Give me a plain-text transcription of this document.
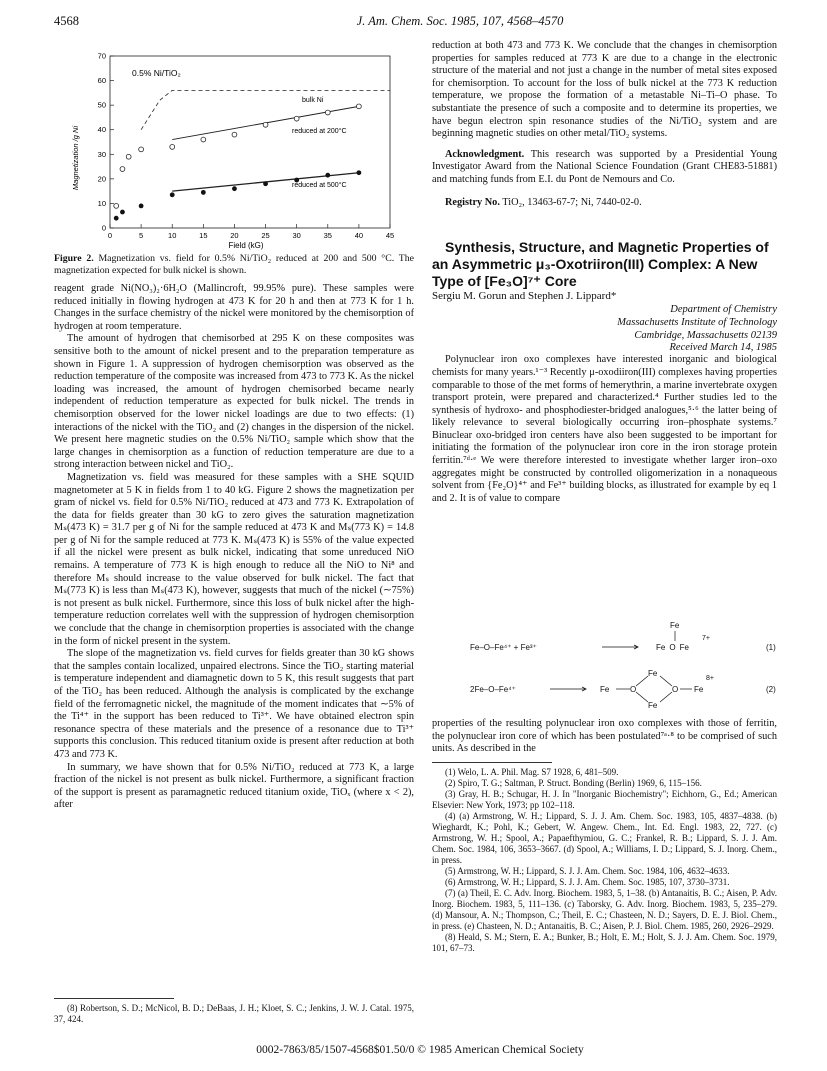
4568	J. Am. Chem. Soc. 1985, 107, 4568–4570
0	5	10	15	20	25	30	35	40	45
0
10
20
30
40
50
60
70
0.5% Ni/TiO₂
bulk Ni
reduced at 200°C
reduced at 500°C
Magnetization /g Ni
Field (kG)

Figure 2. Magnetization vs. field for 0.5% Ni/TiO₂ reduced at 200 and 500 °C. The magnetization expected for bulk nickel is shown.

reagent grade Ni(NO₃)₂·6H₂O (Mallincroft, 99.95% pure). These samples were reduced initially in flowing hydrogen at 473 K for 20 h and then at 773 K for 1 h. Changes in the surface chemistry of the nickel were monitored by the chemisorption of hydrogen at room temperature.

The amount of hydrogen that chemisorbed at 295 K on these composites was sensitive both to the amount of nickel present and to the preparation temperature as shown in Figure 1. A suppression of hydrogen chemisorption was observed as the reduction temperature of the composite was increased from 473 to 773 K. As the nickel loading was increased, the amount of hydrogen chemisorbed became nearly independent of reduction temperature as expected for bulk nickel. The trends in chemisorption observed for the lower nickel loadings are due to two effects: (1) interactions of the nickel with the TiO₂ and (2) changes in the dispersion of the nickel. We present here magnetic studies on the 0.5% Ni/TiO₂ sample which show that the large changes in chemisorption as a function of reduction temperature are due to a strong interaction between nickel and TiO₂.

Magnetization vs. field was measured for these samples with a SHE SQUID magnetometer at 5 K in fields from 1 to 40 kG. Figure 2 shows the magnetization per gram of nickel vs. field for 0.5% Ni/TiO₂ reduced at 473 and 773 K. Extrapolation of the data for fields greater than 30 kG to zero gives the saturation magnetization Mₛ(473 K) = 31.7 per g of Ni for the sample reduced at 473 K and Mₛ(773 K) = 14.8 per g of Ni for the sample reduced at 773 K. Mₛ(473 K) is 55% of the value expected if all the nickel were present as bulk nickel, indicating that some unreduced NiO remains. A temperature of 773 K is high enough to reduce all the NiO to Ni⁸ and therefore Mₛ should increase to the value observed for bulk nickel. The fact that Mₛ(773 K) is less than Mₛ(473 K), however, suggests that much of the nickel (∼75%) is not present as bulk nickel. Furthermore, since this loss of bulk nickel after the high-temperature reduction correlates well with the suppression of hydrogen chemisorption we conclude that the change in chemisorption properties is associated with the change in the form of nickel present in the system.

The slope of the magnetization vs. field curves for fields greater than 30 kG shows that the samples contain localized, unpaired electrons. Since the TiO₂ starting material is temperature independent and diamagnetic down to 5 K, this result suggests that part of the TiO₂ has been reduced. Although the analysis is complicated by the exchange field of the ferromagnetic nickel, the magnitude of the moment indicates that ∼5% of the Ti⁴⁺ in the support has been reduced to Ti³⁺. We have obtained electron spin resonance spectra of these materials and the presence of a resonance due to Ti³⁺ supports this conclusion. This reduced titanium oxide is present after reduction at both 473 and 773 K.

In summary, we have shown that for 0.5% Ni/TiO₂ reduced at 773 K, a large fraction of the nickel is not present as bulk nickel. Furthermore, a significant fraction of the support is present as paramagnetic reduced titanium oxide, TiOₓ (where x < 2), after

(8) Robertson, S. D.; McNicol, B. D.; DeBaas, J. H.; Kloet, S. C.; Jenkins, J. W. J. Catal. 1975, 37, 424.

reduction at both 473 and 773 K. We conclude that the changes in chemisorption properties for samples reduced at 773 K are due to a change in the electronic structure of the material and not just a change in the number of metal sites exposed for chemisorption. To account for the loss of bulk nickel at the 773 K reduction temperature, we propose the formation of a metastable Ni–Ti–O phase. To substantiate the presence of such a composite and to determine its properties, we have begun electron spin resonance studies of the Ni/TiO₂ system and are beginning magnetic studies on other metal/TiO₂ systems.

Acknowledgment. This research was supported by a Presidential Young Investigator Award from the National Science Foundation (Grant CHE83-51881) and matching funds from E.I. du Pont de Nemours and Co.

Registry No. TiO₂, 13463-67-7; Ni, 7440-02-0.

Synthesis, Structure, and Magnetic Properties of an Asymmetric μ₃-Oxotriiron(III) Complex: A New Type of [Fe₃O]⁷⁺ Core

Sergiu M. Gorun and Stephen J. Lippard*

Department of Chemistry

Massachusetts Institute of Technology

Cambridge, Massachusetts 02139

Received March 14, 1985

Polynuclear iron oxo complexes have interested inorganic and biological chemists for many years.¹⁻³ Recently μ-oxodiiron(III) complexes having properties comparable to those of the met forms of hemerythrin, a marine invertebrate oxygen transport protein, were prepared and characterized.⁴ Further studies led to the synthesis of hydroxo- and phosphodiester-bridged analogues,⁵·⁶ the latter being of likely relevance to several biologically occurring iron–phosphate systems.⁷ Binuclear oxo-bridged iron centers have also been suggested to be important for initiating the formation of the polynuclear iron core in the iron storage protein ferritin.⁷ᵈ·ᵉ We were therefore interested to investigate whether larger iron–oxo aggregates might be constructed by controlled oligomerization in a nonaqueous solvent from {Fe₂O}⁴⁺ and Fe³⁺ building blocks, as illustrated for example by eq 1 and 2. It is of value to compare

Fe–O–Fe⁴⁺ + Fe³⁺
Fe
Fe O Fe
7+
(1)
2Fe–O–Fe⁴⁺	Fe	O
Fe
Fe
O Fe
8+
(2)

properties of the resulting polynuclear iron oxo complexes with those of ferritin, the polynuclear iron core of which has been postulated⁷ᵃ·⁸ to be comprised of such units. As described in the

(1) Welo, L. A. Phil. Mag. S7 1928, 6, 481–509.

(2) Spiro, T. G.; Saltman, P. Struct. Bonding (Berlin) 1969, 6, 115–156.

(3) Gray, H. B.; Schugar, H. J. In "Inorganic Biochemistry"; Eichhorn, G., Ed.; American Elsevier: New York, 1973; pp 102–118.

(4) (a) Armstrong, W. H.; Lippard, S. J. J. Am. Chem. Soc. 1983, 105, 4837–4838. (b) Wieghardt, K.; Pohl, K.; Gebert, W. Angew. Chem., Int. Ed. Engl. 1983, 22, 727. (c) Armstrong, W. H.; Spool, A.; Papaefthymiou, G. C.; Frankel, R. B.; Lippard, S. J. J. Am. Chem. Soc. 1984, 106, 3653–3667. (d) Spool, A.; Williams, I. D.; Lippard, S. J. Inorg. Chem., in press.

(5) Armstrong, W. H.; Lippard, S. J. J. Am. Chem. Soc. 1984, 106, 4632–4633.

(6) Armstrong, W. H.; Lippard, S. J. J. Am. Chem. Soc. 1985, 107, 3730–3731.

(7) (a) Theil, E. C. Adv. Inorg. Biochem. 1983, 5, 1–38. (b) Antanaitis, B. C.; Aisen, P. Adv. Inorg. Biochem. 1983, 5, 111–136. (c) Taborsky, G. Adv. Inorg. Biochem. 1983, 5, 235–279. (d) Mansour, A. N.; Thompson, C.; Theil, E. C.; Chasteen, N. D.; Sayers, D. E. J. Biol. Chem., in press. (e) Chasteen, N. D.; Antanaitis, B. C.; Aisen, P. J. Biol. Chem. 1985, 260, 2926–2929.

(8) Heald, S. M.; Stern, E. A.; Bunker, B.; Holt, E. M.; Holt, S. J. J. Am. Chem. Soc. 1979, 101, 67–73.

0002-7863/85/1507-4568$01.50/0 © 1985 American Chemical Society
